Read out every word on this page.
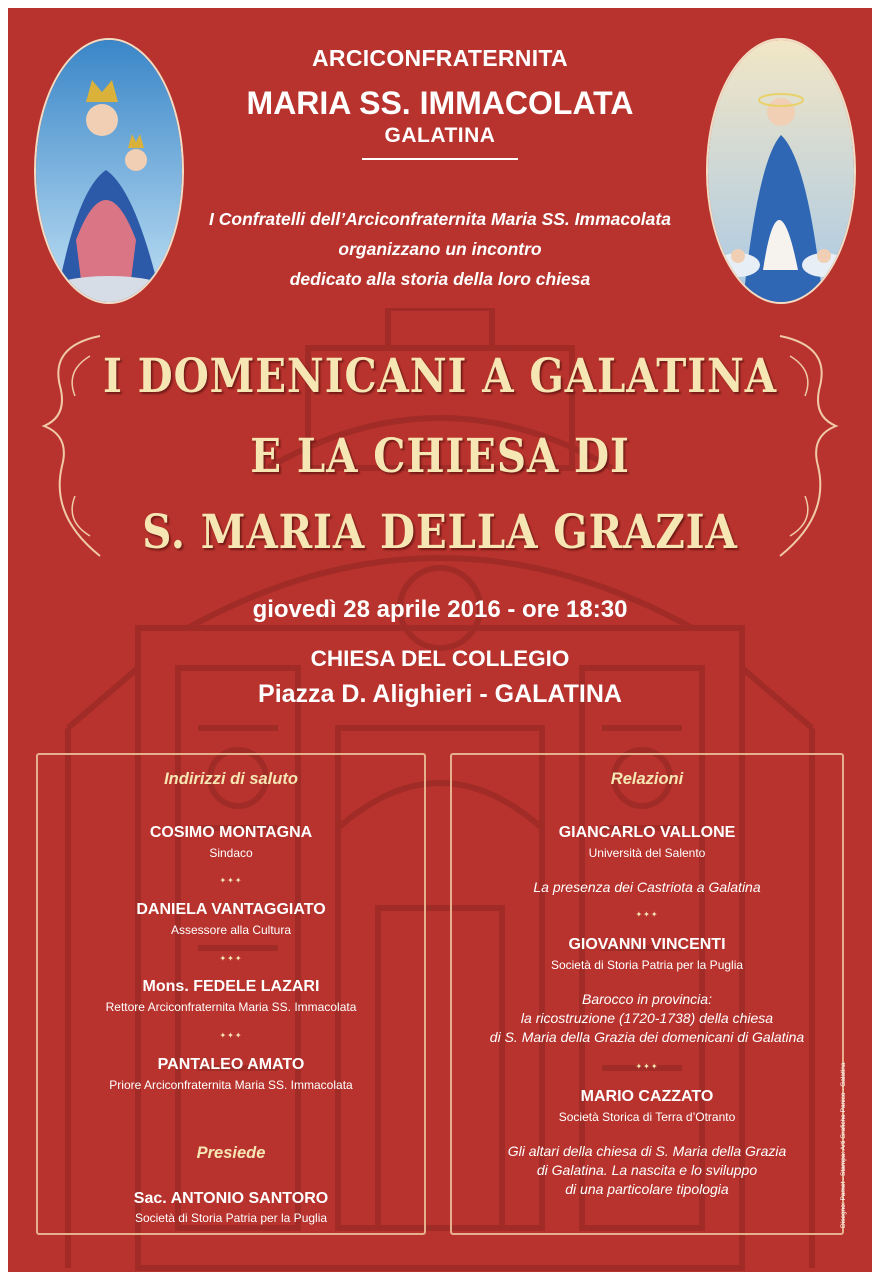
ARCICONFRATERNITA
MARIA SS. IMMACOLATA
GALATINA
I Confratelli dell’Arciconfraternita Maria SS. Immacolata
organizzano un incontro
dedicato alla storia della loro chiesa
I DOMENICANI A GALATINA
E LA CHIESA DI
S. MARIA DELLA GRAZIA
giovedì 28 aprile 2016 - ore 18:30
CHIESA DEL COLLEGIO
Piazza D. Alighieri - GALATINA
Indirizzi di saluto
COSIMO MONTAGNA
Sindaco
✦✦✦
DANIELA VANTAGGIATO
Assessore alla Cultura
✦✦✦
Mons. FEDELE LAZARI
Rettore Arciconfraternita Maria SS. Immacolata
✦✦✦
PANTALEO AMATO
Priore Arciconfraternita Maria SS. Immacolata
Presiede
Sac. ANTONIO SANTORO
Società di Storia Patria per la Puglia
Relazioni
GIANCARLO VALLONE
Università del Salento
La presenza dei Castriota a Galatina
✦✦✦
GIOVANNI VINCENTI
Società di Storia Patria per la Puglia
Barocco in provincia:
la ricostruzione (1720-1738) della chiesa
di S. Maria della Grazia dei domenicani di Galatina
✦✦✦
MARIO CAZZATO
Società Storica di Terra d’Otranto
Gli altari della chiesa di S. Maria della Grazia
di Galatina. La nascita e lo sviluppo
di una particolare tipologia	Disegno: Pamet - Stampa: Arti Grafiche Panico - Galatina
